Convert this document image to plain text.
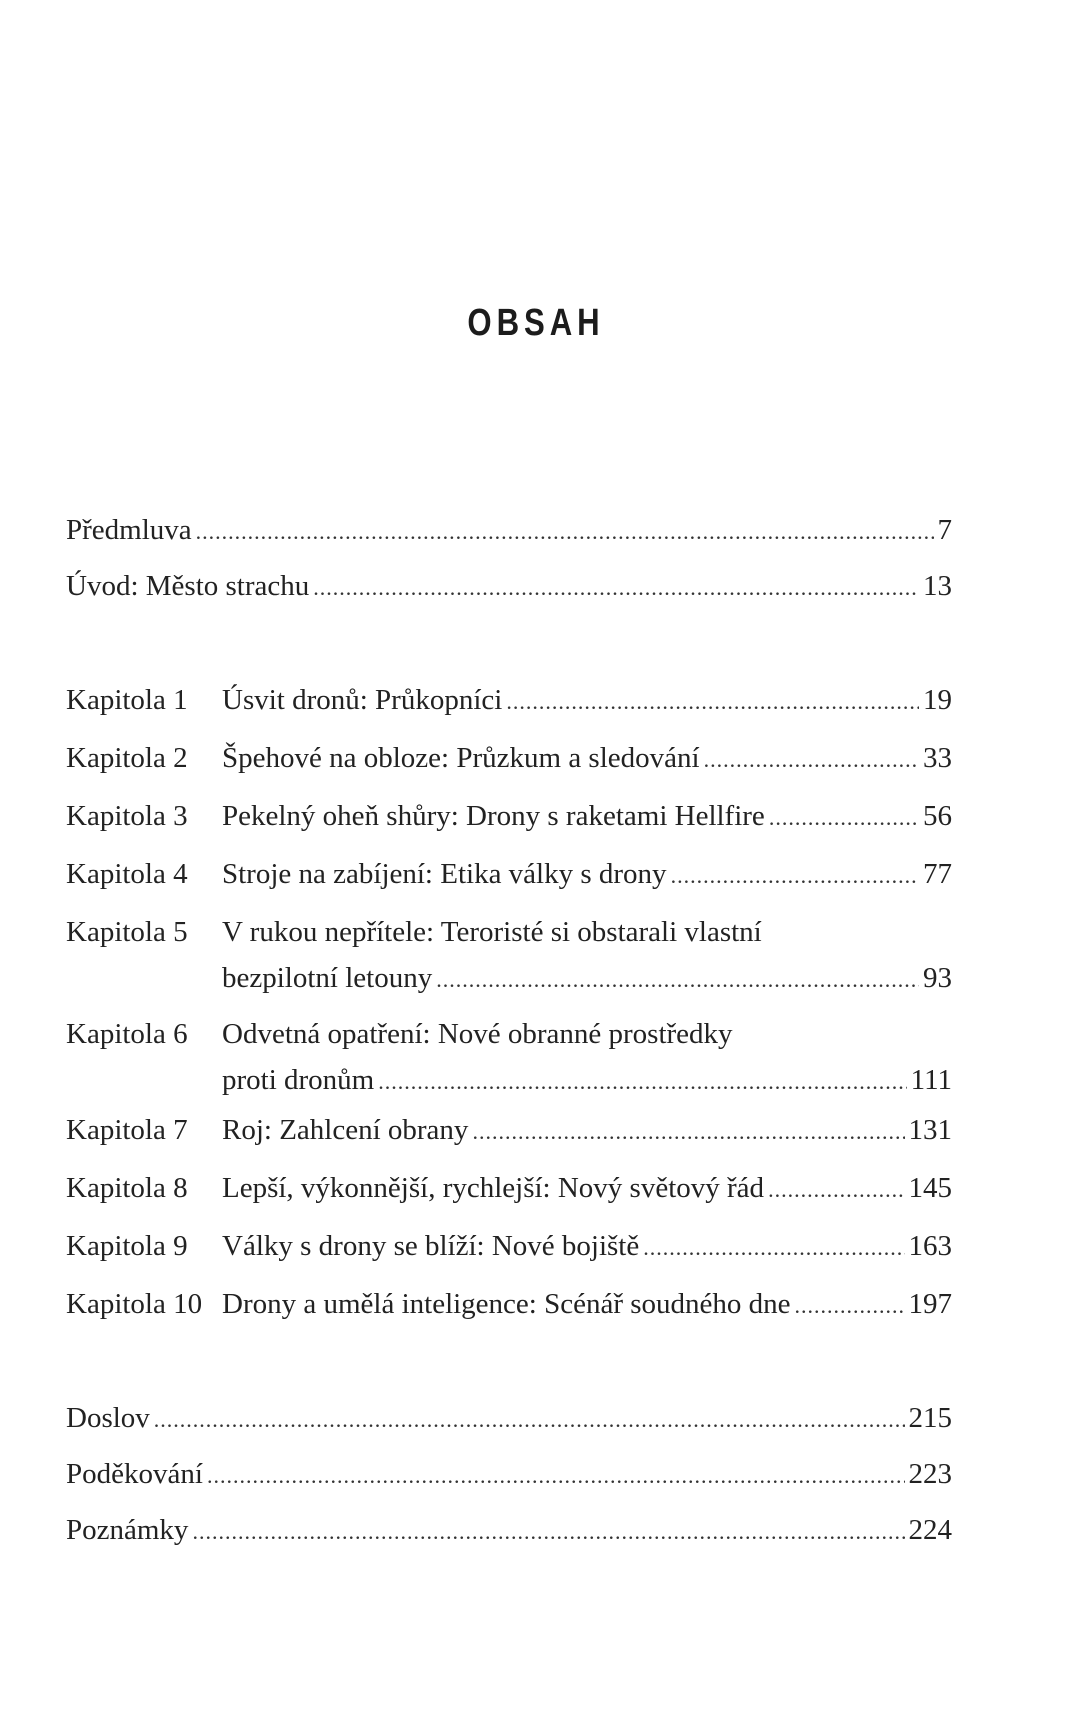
OBSAH
Předmluva .....	7
Úvod: Město strachu .....	13
Kapitola 1	Úsvit dronů: Průkopníci .....	19
Kapitola 2	Špehové na obloze: Průzkum a sledování .....	33
Kapitola 3	Pekelný oheň shůry: Drony s raketami Hellfire .....	56
Kapitola 4	Stroje na zabíjení: Etika války s drony .....	77
Kapitola 5	V rukou nepřítele: Teroristé si obstarali vlastní
bezpilotní letouny .....	93
Kapitola 6	Odvetná opatření: Nové obranné prostředky
proti dronům .....	111
Kapitola 7	Roj: Zahlcení obrany .....	131
Kapitola 8	Lepší, výkonnější, rychlejší: Nový světový řád .....	145
Kapitola 9	Války s drony se blíží: Nové bojiště .....	163
Kapitola 10 Drony a umělá inteligence: Scénář soudného dne .....	197
Doslov .....	215
Poděkování .....	223
Poznámky .....	224
